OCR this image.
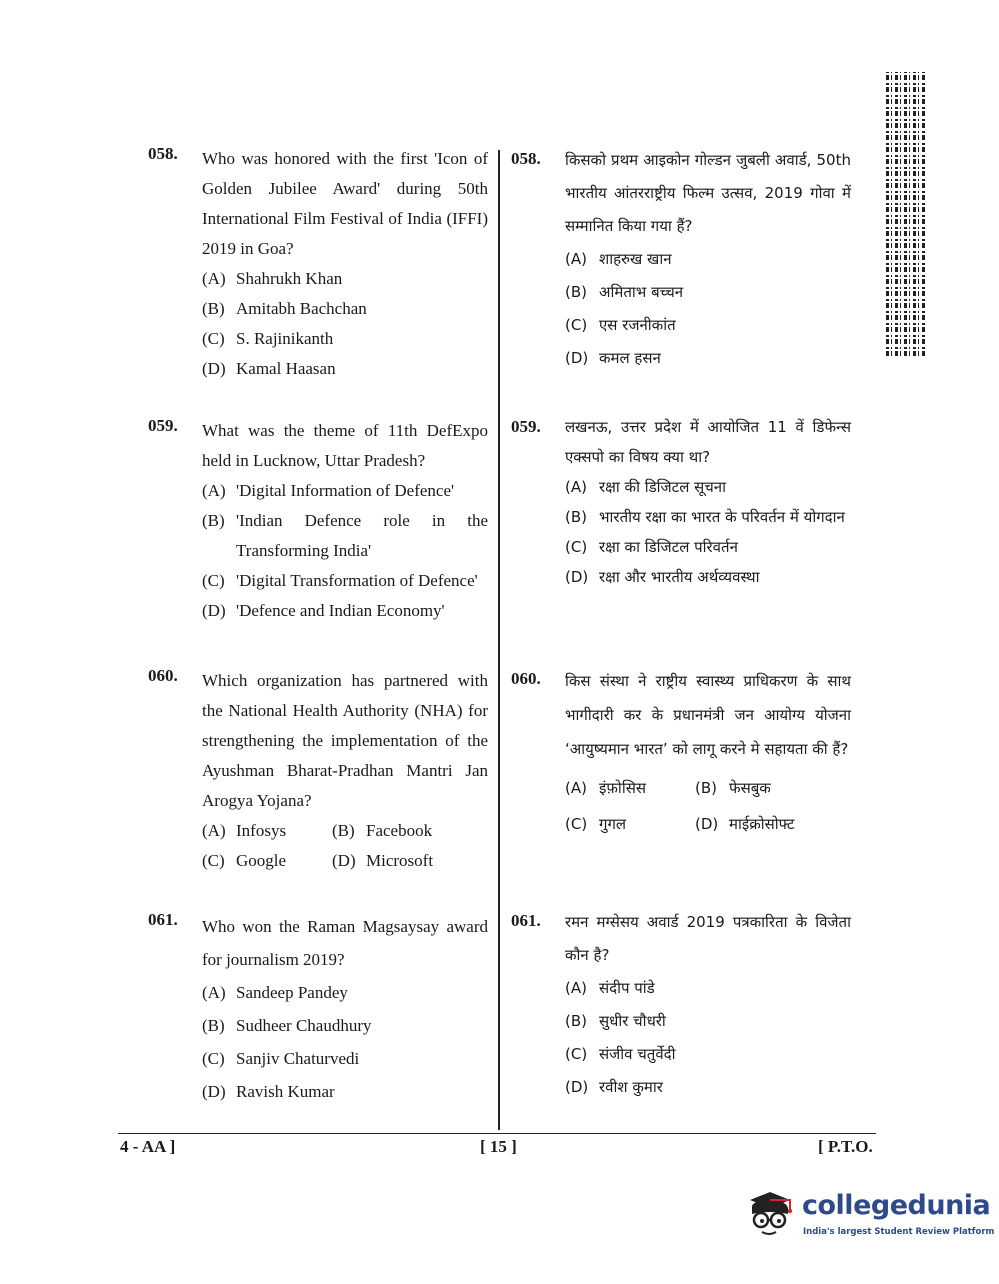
058. Who was honored with the first 'Icon of Golden Jubilee Award' during 50th International Film Festival of India (IFFI) 2019 in Goa?
(A) Shahrukh Khan
(B) Amitabh Bachchan
(C) S. Rajinikanth
(D) Kamal Haasan
059. What was the theme of 11th DefExpo held in Lucknow, Uttar Pradesh?
(A) 'Digital Information of Defence'
(B) 'Indian Defence role in the Transforming India'
(C) 'Digital Transformation of Defence'
(D) 'Defence and Indian Economy'
060. Which organization has partnered with the National Health Authority (NHA) for strengthening the implementation of the Ayushman Bharat-Pradhan Mantri Jan Arogya Yojana?
(A) Infosys	(B) Facebook
(C) Google	(D) Microsoft
061. Who won the Raman Magsaysay award for journalism 2019?
(A) Sandeep Pandey
(B) Sudheer Chaudhury
(C) Sanjiv Chaturvedi
(D) Ravish Kumar
058. किसको प्रथम आइकोन गोल्डन जुबली अवार्ड, 50th भारतीय आंतरराष्ट्रीय फिल्म उत्सव, 2019 गोवा में सम्मानित किया गया हैं?
(A) शाहरुख खान
(B) अमिताभ बच्चन
(C) एस रजनीकांत
(D) कमल हसन
059. लखनऊ, उत्तर प्रदेश में आयोजित 11 वें डिफेन्स एक्सपो का विषय क्या था?
(A) रक्षा की डिजिटल सूचना
(B) भारतीय रक्षा का भारत के परिवर्तन में योगदान
(C) रक्षा का डिजिटल परिवर्तन
(D) रक्षा और भारतीय अर्थव्यवस्था
060. किस संस्था ने राष्ट्रीय स्वास्थ्य प्राधिकरण के साथ भागीदारी कर के प्रधानमंत्री जन आयोग्य योजना ‘आयुष्यमान भारत’ को लागू करने मे सहायता की हैं?
(A) इंफ़ोसिस	(B) फेसबुक
(C) गुगल	(D) माईक्रोसोफ्ट
061. रमन मग्सेसय अवार्ड 2019 पत्रकारिता के विजेता कौन है?
(A) संदीप पांडे
(B) सुधीर चौधरी
(C) संजीव चतुर्वेदी
(D) रवीश कुमार
4 - AA ]	[ 15 ]	[ P.T.O.
collegedunia
India's largest Student Review Platform
